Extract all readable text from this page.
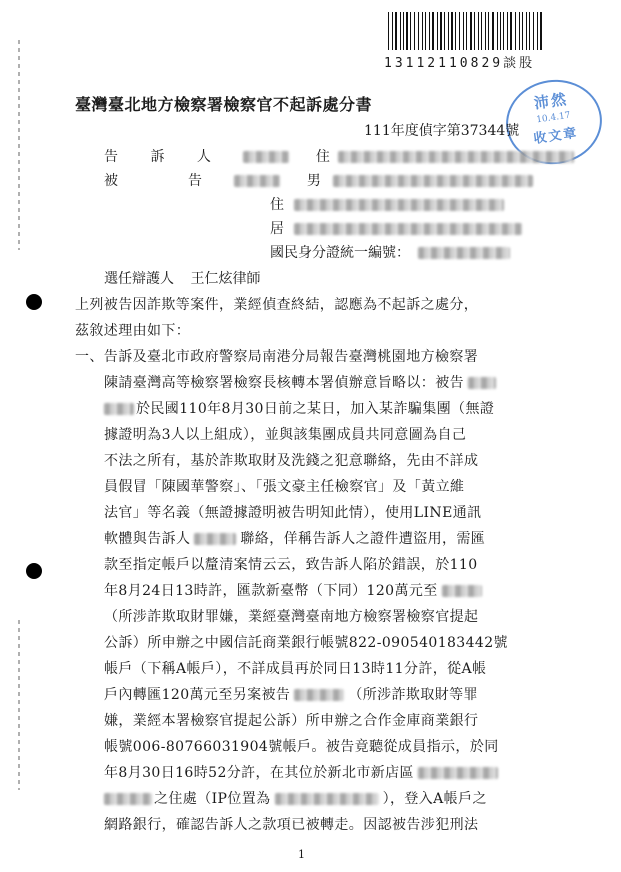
13112110829談股
沛然
10.4.17
收文章
臺灣臺北地方檢察署檢察官不起訴處分書
111年度偵字第37344號
告 訴 人	住
被　　告	男
住
居
國民身分證統一編號：
選任辯護人 王仁炫律師
上列被告因詐欺等案件，業經偵查終結，認應為不起訴之處分，
茲敘述理由如下：
一、告訴及臺北市政府警察局南港分局報告臺灣桃園地方檢察署
陳請臺灣高等檢察署檢察長核轉本署偵辦意旨略以：被告
於民國110年8月30日前之某日，加入某詐騙集團（無證
據證明為3人以上組成），並與該集團成員共同意圖為自己
不法之所有，基於詐欺取財及洗錢之犯意聯絡，先由不詳成
員假冒「陳國華警察」、「張文豪主任檢察官」及「黃立維
法官」等名義（無證據證明被告明知此情），使用LINE通訊
軟體與告訴人	聯絡，佯稱告訴人之證件遭盜用，需匯
款至指定帳戶以釐清案情云云，致告訴人陷於錯誤，於110
年8月24日13時許，匯款新臺幣（下同）120萬元至
（所涉詐欺取財罪嫌，業經臺灣臺南地方檢察署檢察官提起
公訴）所申辦之中國信託商業銀行帳號822-090540183442號
帳戶（下稱A帳戶），不詳成員再於同日13時11分許，從A帳
戶內轉匯120萬元至另案被告	（所涉詐欺取財等罪
嫌，業經本署檢察官提起公訴）所申辦之合作金庫商業銀行
帳號006-80766031904號帳戶。被告竟聽從成員指示，於同
年8月30日16時52分許，在其位於新北市新店區
之住處（IP位置為	），登入A帳戶之
網路銀行，確認告訴人之款項已被轉走。因認被告涉犯刑法
1
